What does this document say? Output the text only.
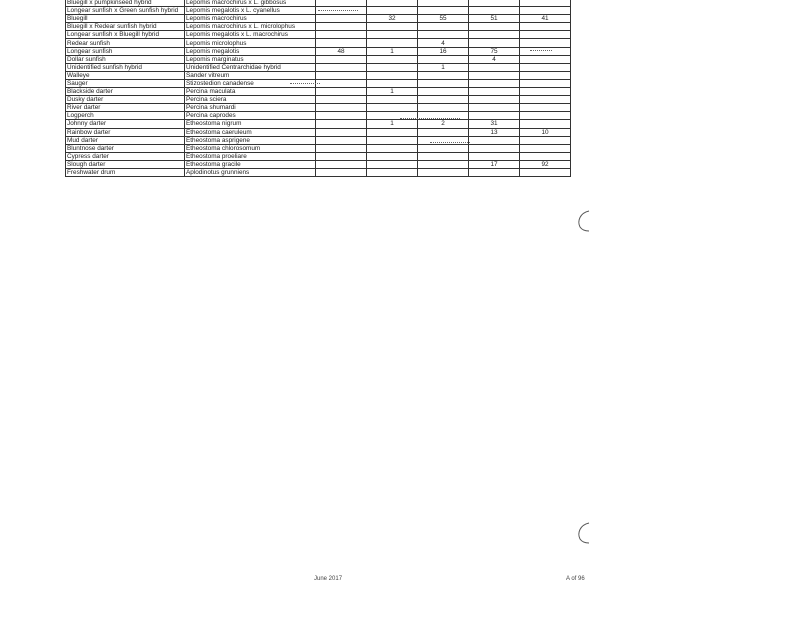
Bluegill x pumpkinseed hybrid	Lepomis macrochirus x L. gibbosus					
Longear sunfish x Green sunfish hybrid	Lepomis megalotis x L. cyanellus					
Bluegill	Lepomis macrochirus		32	55	51	41
Bluegill x Redear sunfish hybrid	Lepomis macrochirus x L. microlophus					
Longear sunfish x Bluegill hybrid	Lepomis megalotis x L. macrochirus					
Redear sunfish	Lepomis microlophus			4		
Longear sunfish	Lepomis megalotis	48	1	16	75	
Dollar sunfish	Lepomis marginatus				4	
Unidentified sunfish hybrid	Unidentified Centrarchidae hybrid			1		
Walleye	Sander vitreum					
Sauger	Stizostedion canadense					
Blackside darter	Percina maculata		1			
Dusky darter	Percina sciera					
River darter	Percina shumardi					
Logperch	Percina caprodes					
Johnny darter	Etheostoma nigrum		1	2	31	
Rainbow darter	Etheostoma caeruleum				13	10
Mud darter	Etheostoma asprigene					
Bluntnose darter	Etheostoma chlorosomum					
Cypress darter	Etheostoma proeliare					
Slough darter	Etheostoma gracile				17	92
Freshwater drum	Aplodinotus grunniens					
June 2017	A of 96
